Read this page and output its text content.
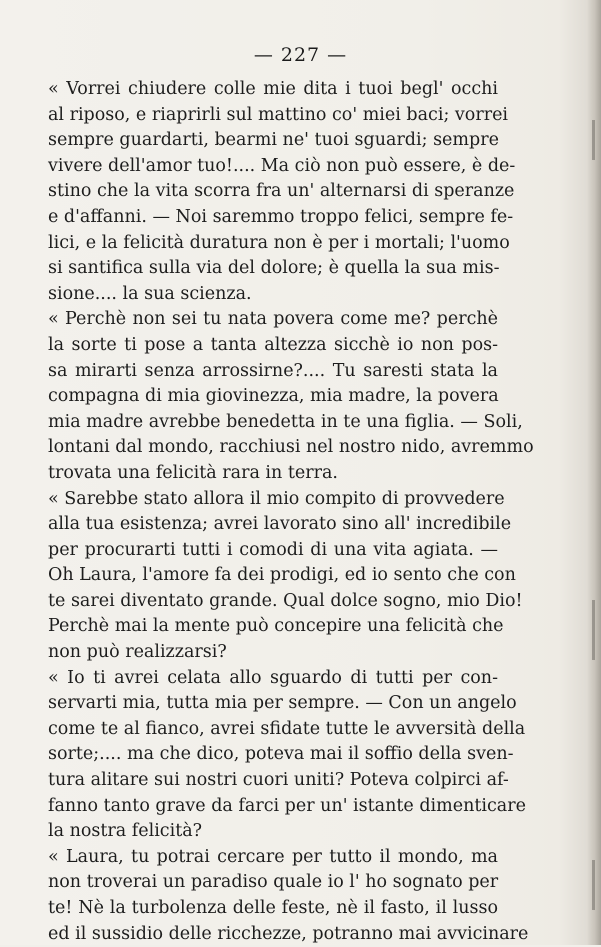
— 227 —
« Vorrei chiudere colle mie dita i tuoi begl' occhi
al riposo, e riaprirli sul mattino co' miei baci; vorrei
sempre guardarti, bearmi ne' tuoi sguardi; sempre
vivere dell'amor tuo!.... Ma ciò non può essere, è de-
stino che la vita scorra fra un' alternarsi di speranze
e d'affanni. — Noi saremmo troppo felici, sempre fe-
lici, e la felicità duratura non è per i mortali; l'uomo
si santifica sulla via del dolore; è quella la sua mis-
sione.... la sua scienza.
« Perchè non sei tu nata povera come me? perchè
la sorte ti pose a tanta altezza sicchè io non pos-
sa mirarti senza arrossirne?.... Tu saresti stata la
compagna di mia giovinezza, mia madre, la povera
mia madre avrebbe benedetta in te una figlia. — Soli,
lontani dal mondo, racchiusi nel nostro nido, avremmo
trovata una felicità rara in terra.
« Sarebbe stato allora il mio compito di provvedere
alla tua esistenza; avrei lavorato sino all' incredibile
per procurarti tutti i comodi di una vita agiata. —
Oh Laura, l'amore fa dei prodigi, ed io sento che con
te sarei diventato grande. Qual dolce sogno, mio Dio!
Perchè mai la mente può concepire una felicità che
non può realizzarsi?
« Io ti avrei celata allo sguardo di tutti per con-
servarti mia, tutta mia per sempre. — Con un angelo
come te al fianco, avrei sfidate tutte le avversità della
sorte;.... ma che dico, poteva mai il soffio della sven-
tura alitare sui nostri cuori uniti? Poteva colpirci af-
fanno tanto grave da farci per un' istante dimenticare
la nostra felicità?
« Laura, tu potrai cercare per tutto il mondo, ma
non troverai un paradiso quale io l' ho sognato per
te! Nè la turbolenza delle feste, nè il fasto, il lusso
ed il sussidio delle ricchezze, potranno mai avvicinare
